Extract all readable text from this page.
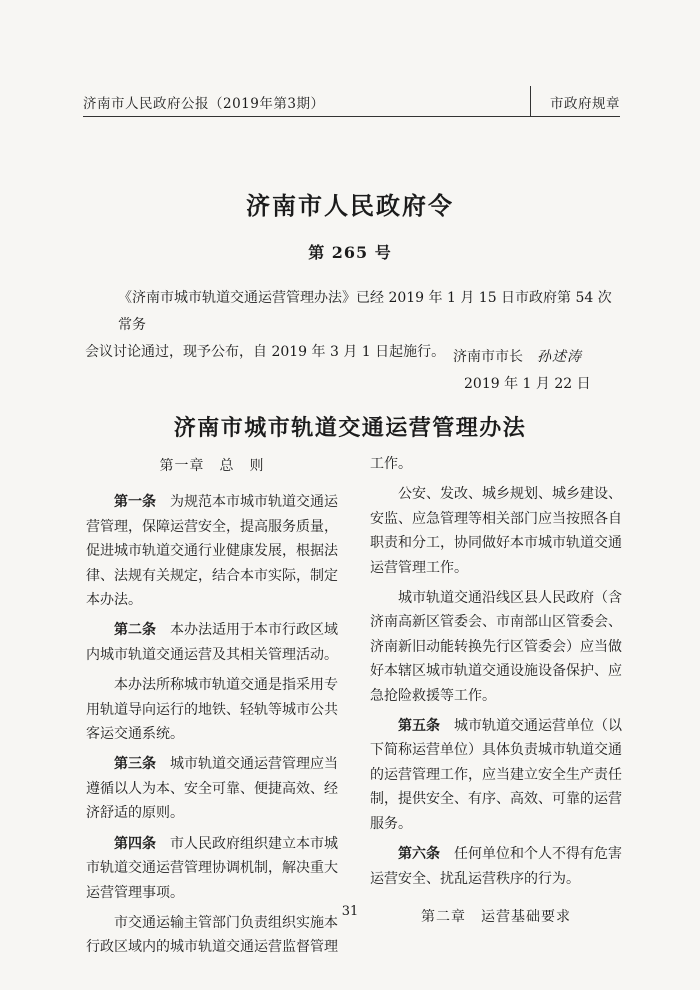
济南市人民政府公报（2019年第3期）	市政府规章
济南市人民政府令
第 265 号
《济南市城市轨道交通运营管理办法》已经 2019 年 1 月 15 日市政府第 54 次常务
会议讨论通过，现予公布，自 2019 年 3 月 1 日起施行。 济南市市长 孙述涛
2019 年 1 月 22 日
济南市城市轨道交通运营管理办法
第一章　总　则

第一条　为规范本市城市轨道交通运营管理，保障运营安全，提高服务质量，促进城市轨道交通行业健康发展，根据法律、法规有关规定，结合本市实际，制定本办法。

第二条　本办法适用于本市行政区域内城市轨道交通运营及其相关管理活动。

本办法所称城市轨道交通是指采用专用轨道导向运行的地铁、轻轨等城市公共客运交通系统。

第三条　城市轨道交通运营管理应当遵循以人为本、安全可靠、便捷高效、经济舒适的原则。

第四条　市人民政府组织建立本市城市轨道交通运营管理协调机制，解决重大运营管理事项。

市交通运输主管部门负责组织实施本行政区域内的城市轨道交通运营监督管理

工作。

公安、发改、城乡规划、城乡建设、安监、应急管理等相关部门应当按照各自职责和分工，协同做好本市城市轨道交通运营管理工作。

城市轨道交通沿线区县人民政府（含济南高新区管委会、市南部山区管委会、济南新旧动能转换先行区管委会）应当做好本辖区城市轨道交通设施设备保护、应急抢险救援等工作。

第五条　城市轨道交通运营单位（以下简称运营单位）具体负责城市轨道交通的运营管理工作，应当建立安全生产责任制，提供安全、有序、高效、可靠的运营服务。

第六条　任何单位和个人不得有危害运营安全、扰乱运营秩序的行为。

第二章　运营基础要求
31
